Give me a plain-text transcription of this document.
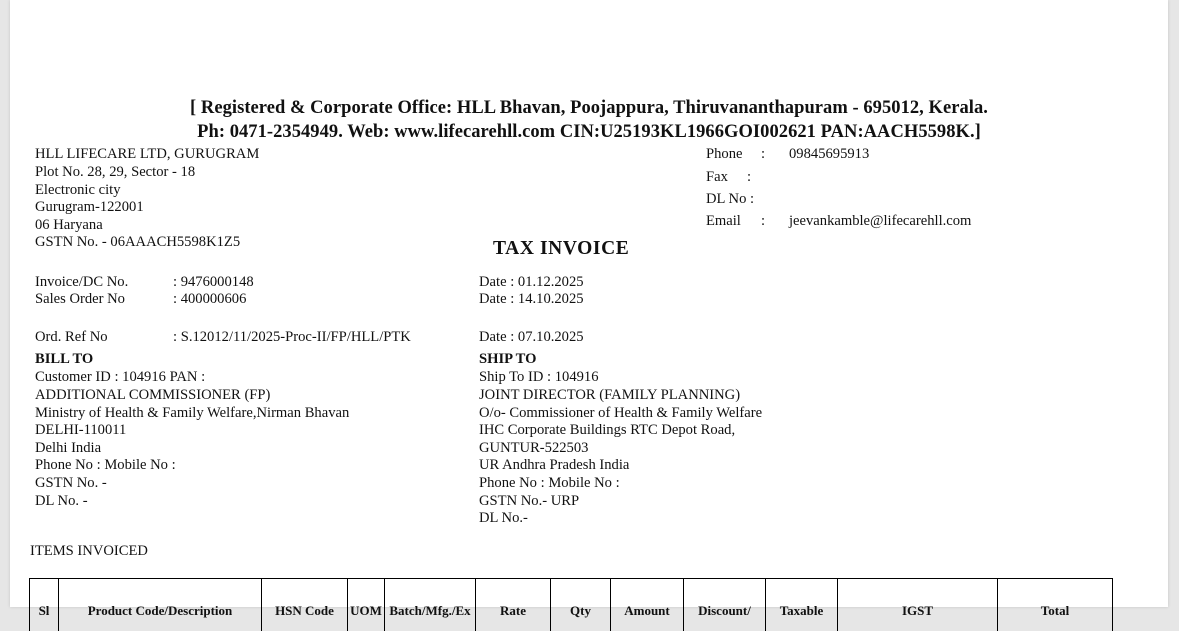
[ Registered & Corporate Office: HLL Bhavan, Poojappura, Thiruvananthapuram - 695012, Kerala.
Ph: 0471-2354949. Web: www.lifecarehll.com CIN:U25193KL1966GOI002621 PAN:AACH5598K.]
HLL LIFECARE LTD, GURUGRAM
Plot No. 28, 29, Sector - 18
Electronic city
Gurugram-122001
06 Haryana
GSTN No. - 06AAACH5598K1Z5
Phone : 09845695913
Fax :
DL No :
Email : jeevankamble@lifecarehll.com
TAX INVOICE
Invoice/DC No.	: 9476000148	Date : 01.12.2025
Sales Order No	: 400000606	Date : 14.10.2025
Ord. Ref No	: S.12012/11/2025-Proc-II/FP/HLL/PTK	Date : 07.10.2025
BILL TO
Customer ID : 104916 PAN :
ADDITIONAL COMMISSIONER (FP)
Ministry of Health & Family Welfare,Nirman Bhavan
DELHI-110011
Delhi India
Phone No : Mobile No :
GSTN No. -
DL No. -
SHIP TO
Ship To ID : 104916
JOINT DIRECTOR (FAMILY PLANNING)
O/o- Commissioner of Health & Family Welfare
IHC Corporate Buildings RTC Depot Road,
GUNTUR-522503
UR Andhra Pradesh India
Phone No : Mobile No :
GSTN No.- URP
DL No.-
ITEMS INVOICED
Sl	Product Code/Description	HSN Code	UOM	Batch/Mfg./Ex	Rate	Qty	Amount	Discount/	Taxable	IGST	Total
